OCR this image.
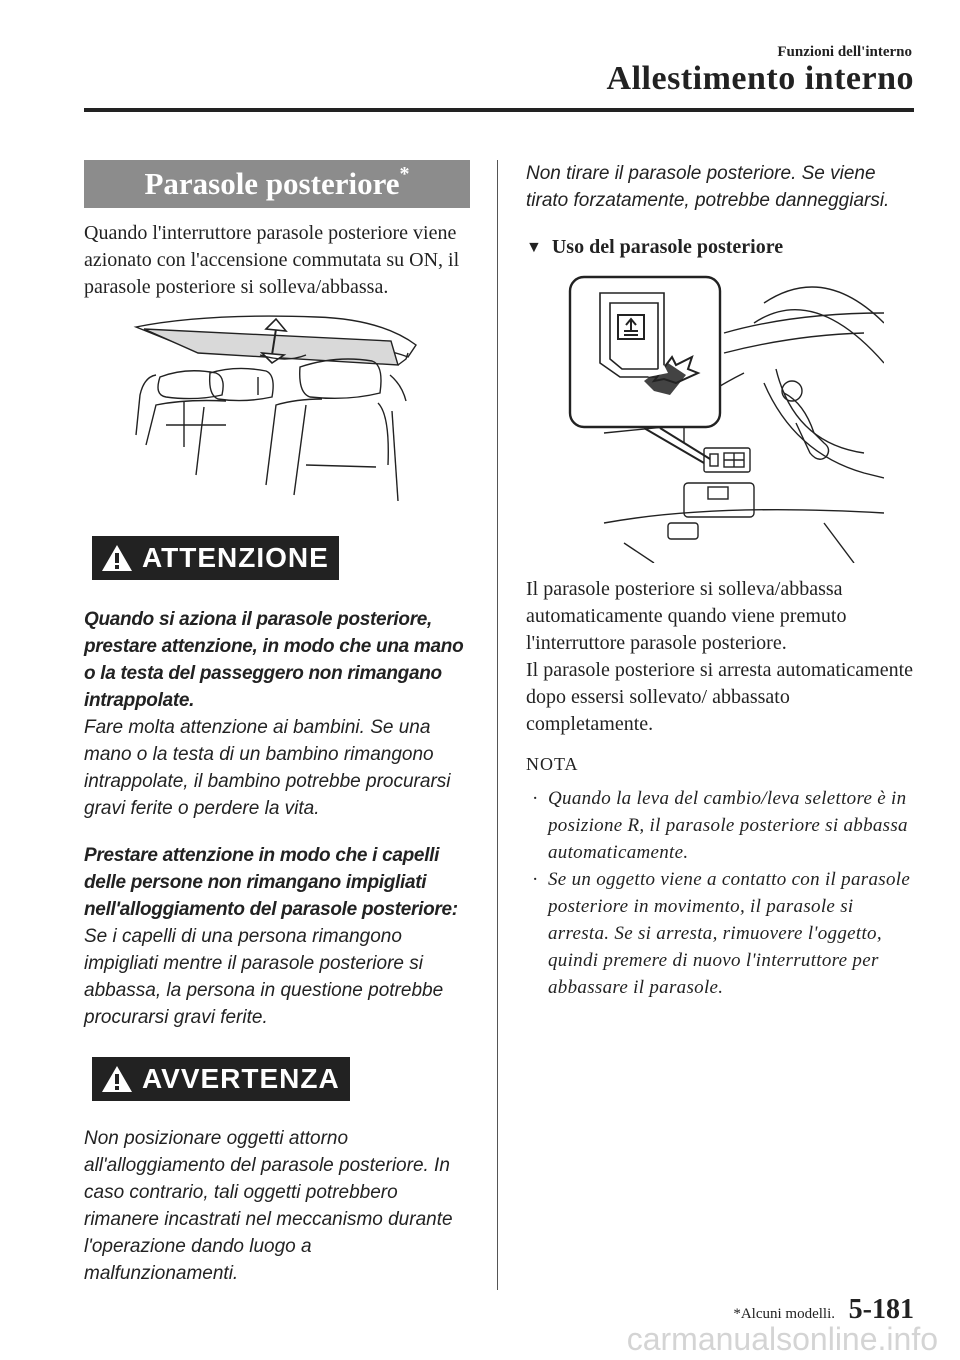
Funzioni dell'interno
Allestimento interno
Parasole posteriore*

Quando l'interruttore parasole posteriore viene azionato con l'accensione commutata su ON, il parasole posteriore si solleva/abbassa.

ATTENZIONE

Quando si aziona il parasole posteriore, prestare attenzione, in modo che una mano o la testa del passeggero non rimangano intrappolate.

Fare molta attenzione ai bambini. Se una mano o la testa di un bambino rimangono intrappolate, il bambino potrebbe procurarsi gravi ferite o perdere la vita.

Prestare attenzione in modo che i capelli delle persone non rimangano impigliati nell'alloggiamento del parasole posteriore:

Se i capelli di una persona rimangono impigliati mentre il parasole posteriore si abbassa, la persona in questione potrebbe procurarsi gravi ferite.

AVVERTENZA

Non posizionare oggetti attorno all'alloggiamento del parasole posteriore. In caso contrario, tali oggetti potrebbero rimanere incastrati nel meccanismo durante l'operazione dando luogo a malfunzionamenti.

Non tirare il parasole posteriore. Se viene tirato forzatamente, potrebbe danneggiarsi.

▼ Uso del parasole posteriore

Il parasole posteriore si solleva/abbassa automaticamente quando viene premuto l'interruttore parasole posteriore.

Il parasole posteriore si arresta automaticamente dopo essersi sollevato/ abbassato completamente.

NOTA
· Quando la leva del cambio/leva selettore è in posizione R, il parasole posteriore si abbassa automaticamente.
· Se un oggetto viene a contatto con il parasole posteriore in movimento, il parasole si arresta. Se si arresta, rimuovere l'oggetto, quindi premere di nuovo l'interruttore per abbassare il parasole.
*Alcuni modelli. 5-181
carmanualsonline.info
